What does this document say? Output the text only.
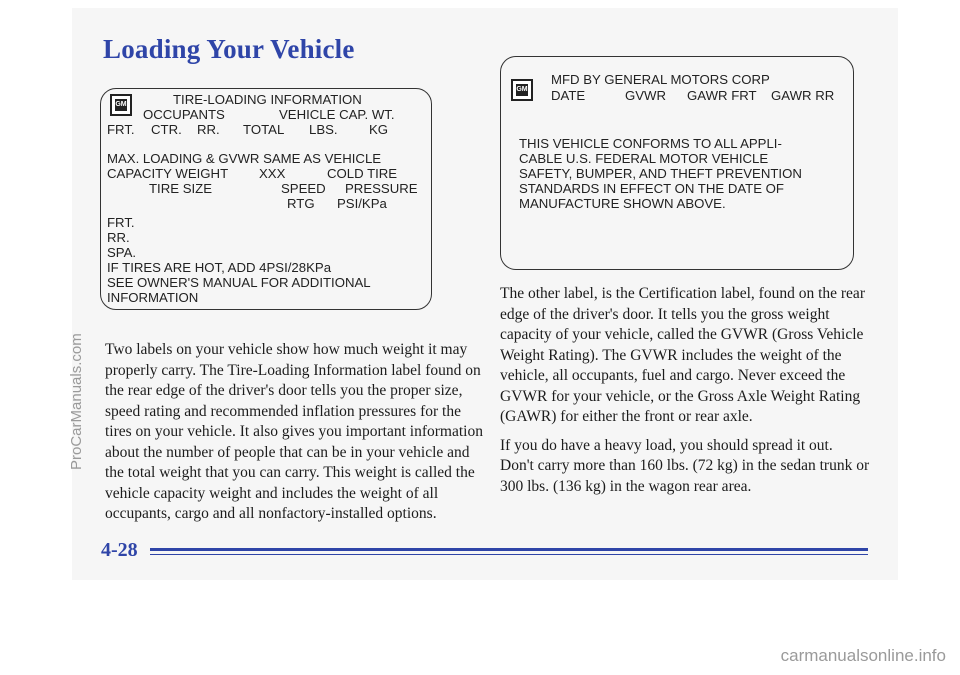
Loading Your Vehicle
GM	TIRE-LOADING INFORMATION
OCCUPANTS	VEHICLE CAP. WT.
FRT. CTR. RR. TOTAL LBS. KG
MAX. LOADING & GVWR SAME AS VEHICLE
CAPACITY WEIGHT XXX	COLD TIRE
TIRE SIZE	SPEED PRESSURE
RTG PSI/KPa
FRT.
RR.
SPA.
IF TIRES ARE HOT, ADD 4PSI/28KPa
SEE OWNER'S MANUAL FOR ADDITIONAL
INFORMATION
GM
MFD BY GENERAL MOTORS CORP
DATE	GVWR GAWR FRT GAWR RR
THIS VEHICLE CONFORMS TO ALL APPLI-
CABLE U.S. FEDERAL MOTOR VEHICLE
SAFETY, BUMPER, AND THEFT PREVENTION
STANDARDS IN EFFECT ON THE DATE OF
MANUFACTURE SHOWN ABOVE.

Two labels on your vehicle show how much weight it may properly carry. The Tire-Loading Information label found on the rear edge of the driver's door tells you the proper size, speed rating and recommended inflation pressures for the tires on your vehicle. It also gives you important information about the number of people that can be in your vehicle and the total weight that you can carry. This weight is called the vehicle capacity weight and includes the weight of all occupants, cargo and all nonfactory-installed options.

The other label, is the Certification label, found on the rear edge of the driver's door. It tells you the gross weight capacity of your vehicle, called the GVWR (Gross Vehicle Weight Rating). The GVWR includes the weight of the vehicle, all occupants, fuel and cargo. Never exceed the GVWR for your vehicle, or the Gross Axle Weight Rating (GAWR) for either the front or rear axle.

If you do have a heavy load, you should spread it out. Don't carry more than 160 lbs. (72 kg) in the sedan trunk or 300 lbs. (136 kg) in the wagon rear area.

4-28
ProCarManuals.com
carmanualsonline.info
